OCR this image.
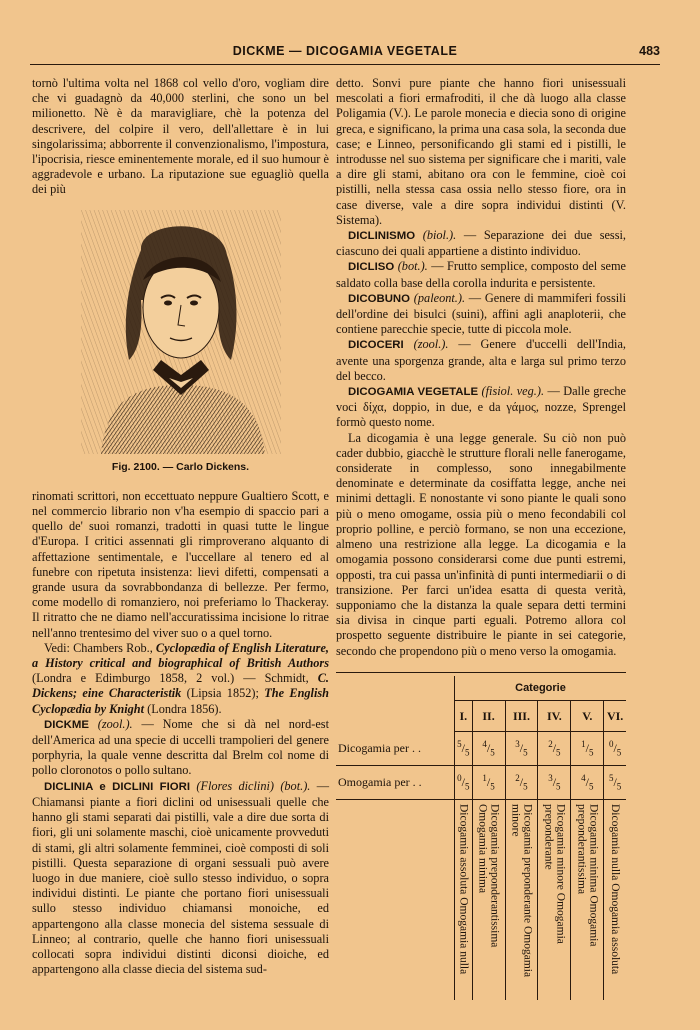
DICKME — DICOGAMIA VEGETALE	483

tornò l'ultima volta nel 1868 col vello d'oro, vogliam dire che vi guadagnò da 40,000 sterlini, che sono un bel milionetto. Nè è da maravigliare, chè la potenza del descrivere, del colpire il vero, dell'allettare è in lui singolarissima; abborrente il convenzionalismo, l'impostura, l'ipocrisia, riesce eminentemente morale, ed il suo humour è aggradevole e urbano. La riputazione sue eguagliò quella dei più

Fig. 2100. — Carlo Dickens.

rinomati scrittori, non eccettuato neppure Gualtiero Scott, e nel commercio librario non v'ha esempio di spaccio pari a quello de' suoi romanzi, tradotti in quasi tutte le lingue d'Europa. I critici assennati gli rimproverano alquanto di affettazione sentimentale, e l'uccellare al tenero ed al funebre con ripetuta insistenza: lievi difetti, compensati a grande usura da sovrabbondanza di bellezze. Per fermo, come modello di romanziero, noi preferiamo lo Thackeray. Il ritratto che ne diamo nell'accuratissima incisione lo ritrae nell'anno trentesimo del viver suo o a quel torno.

Vedi: Chambers Rob., Cyclopædia of English Literature, a History critical and biographical of British Authors (Londra e Edimburgo 1858, 2 vol.) — Schmidt, C. Dickens; eine Characteristik (Lipsia 1852); The English Cyclopædia by Knight (Londra 1856).

DICKME (zool.). — Nome che si dà nel nord-est dell'America ad una specie di uccelli trampolieri del genere porphyria, la quale venne descritta dal Brelm col nome di pollo cloronotos o pollo sultano.

DICLINIA e DICLINI FIORI (Flores diclini) (bot.). — Chiamansi piante a fiori diclini od unisessuali quelle che hanno gli stami separati dai pistilli, vale a dire due sorta di fiori, gli uni solamente maschi, cioè unicamente provveduti di stami, gli altri solamente femminei, cioè composti di soli pistilli. Questa separazione di organi sessuali può avere luogo in due maniere, cioè sullo stesso individuo, o sopra individui distinti. Le piante che portano fiori unisessuali sullo stesso individuo chiamansi monoiche, ed appartengono alla classe monecia del sistema sessuale di Linneo; al contrario, quelle che hanno fiori unisessuali collocati sopra individui distinti diconsi dioiche, ed appartengono alla classe diecia del sistema sud-

detto. Sonvi pure piante che hanno fiori unisessuali mescolati a fiori ermafroditi, il che dà luogo alla classe Poligamia (V.). Le parole monecia e diecia sono di origine greca, e significano, la prima una casa sola, la seconda due case; e Linneo, personificando gli stami ed i pistilli, le introdusse nel suo sistema per significare che i mariti, vale a dire gli stami, abitano ora con le femmine, cioè coi pistilli, nella stessa casa ossia nello stesso fiore, ora in case diverse, vale a dire sopra individui distinti (V. Sistema).

DICLINISMO (biol.). — Separazione dei due sessi, ciascuno dei quali appartiene a distinto individuo.

DICLISO (bot.). — Frutto semplice, composto del seme saldato colla base della corolla indurita e persistente.

DICOBUNO (paleont.). — Genere di mammiferi fossili dell'ordine dei bisulci (suini), affini agli anaploterii, che contiene parecchie specie, tutte di piccola mole.

DICOCERI (zool.). — Genere d'uccelli dell'India, avente una sporgenza grande, alta e larga sul primo terzo del becco.

DICOGAMIA VEGETALE (fisiol. veg.). — Dalle greche voci δίχα, doppio, in due, e da γάμος, nozze, Sprengel formò questo nome.

La dicogamia è una legge generale. Su ciò non può cader dubbio, giacchè le strutture florali nelle fanerogame, considerate in complesso, sono innegabilmente denominate e determinate da cosiffatta legge, anche nei minimi dettagli. E nonostante vi sono piante le quali sono più o meno omogame, ossia più o meno fecondabili col proprio polline, e perciò formano, se non una eccezione, almeno una restrizione alla legge. La dicogamia e la omogamia possono considerarsi come due punti estremi, opposti, tra cui passa un'infinità di punti intermediarii o di transizione. Per farci un'idea esatta di questa verità, supponiamo che la distanza la quale separa detti termini sia divisa in cinque parti eguali. Potremo allora col prospetto seguente distribuire le piante in sei categorie, secondo che propendono più o meno verso la omogamia.

	Categorie					
	I.	II.	III.	IV.	V.	VI.
Dicogamia per . .	$^5/_5$	$^4/_5$	$^3/_5$	$^2/_5$	$^1/_5$	$^0/_5$
Omogamia per . .	$^0/_5$	$^1/_5$	$^2/_5$	$^3/_5$	$^4/_5$	$^5/_5$
	Dicogamia assoluta Omogamia nulla	Dicogamia preponderantissima Omogamia minima	Dicogamia preponderante Omogamia minore	Dicogamia minore Omogamia preponderante	Dicogamia minima Omogamia preponderantissima	Dicogamia nulla Omogamia assoluta
